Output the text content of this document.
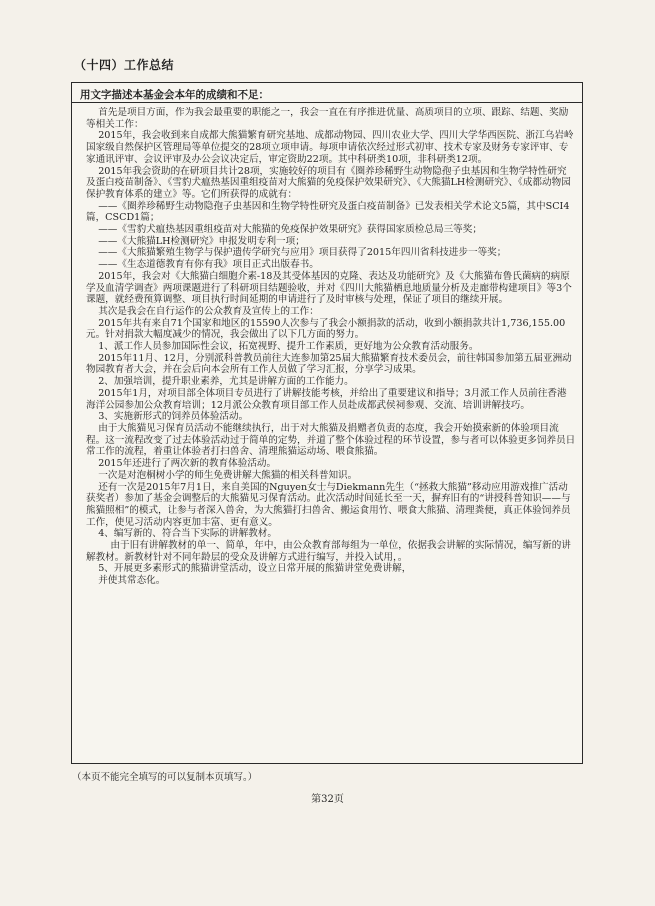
（十四）工作总结
用文字描述本基金会本年的成绩和不足：
首先是项目方面，作为我会最重要的职能之一，我会一直在有序推进优量、高质项目的立项、跟踪、结题、奖励等相关工作：
2015年，我会收到来自成都大熊猫繁育研究基地、成都动物园、四川农业大学、四川大学华西医院、浙江乌岩岭国家级自然保护区管理局等单位提交的28项立项申请。每项申请依次经过形式初审、技术专家及财务专家评审、专家通讯评审、会议评审及办公会议决定后，审定资助22项。其中科研类10项，非科研类12项。
2015年我会资助的在研项目共计28项，实施较好的项目有《圈养珍稀野生动物隐孢子虫基因和生物学特性研究及蛋白疫苗制备》、《雪豹犬瘟热基因重组疫苗对大熊猫的免疫保护效果研究》、《大熊猫LH检测研究》、《成都动物园保护教育体系的建立》等。它们所获得的成就有：
——《圈养珍稀野生动物隐孢子虫基因和生物学特性研究及蛋白疫苗制备》已发表相关学术论文5篇，其中SCI4篇，CSCD1篇；
——《雪豹犬瘟热基因重组疫苗对大熊猫的免疫保护效果研究》获得国家质检总局三等奖；
——《大熊猫LH检测研究》申报发明专利一项；
——《大熊猫繁殖生物学与保护遗传学研究与应用》项目获得了2015年四川省科技进步一等奖；
——《生态道德教育有你有我》项目正式出版春书。
2015年，我会对《大熊猫白细胞介素-18及其受体基因的克隆、表达及功能研究》及《大熊猫布鲁氏菌病的病原学及血清学调查》两项课题进行了科研项目结题验收，并对《四川大熊猫栖息地质量分析及走廊带构建项目》等3个课题，就经费预算调整、项目执行时间延期的申请进行了及时审核与处理，保证了项目的继续开展。
其次是我会在自行运作的公众教育及宣传上的工作：
2015年共有来自71个国家和地区的15590人次参与了我会小额捐款的活动，收到小额捐款共计1,736,155.00元。针对捐款大幅度减少的情况，我会做出了以下几方面的努力。
1、派工作人员参加国际性会议，拓宽视野、提升工作素质，更好地为公众教育活动服务。
2015年11月、12月，分别派科普教员前往大连参加第25届大熊猫繁育技术委员会，前往韩国参加第五届亚洲动物园教育者大会，并在会后向本会所有工作人员做了学习汇报，分享学习成果。
2、加强培训，提升职业素养，尤其是讲解方面的工作能力。
2015年1月，对项目部全体项目专员进行了讲解技能考核，并给出了重要建议和指导；3月派工作人员前往香港海洋公园参加公众教育培训；12月派公众教育项目部工作人员赴成都武侯祠参观、交流、培训讲解技巧。
3、实施新形式的饲养员体验活动。
由于大熊猫见习保育员活动不能继续执行，出于对大熊猫及捐赠者负责的态度，我会开始摸索新的体验项目流程。这一流程改变了过去体验活动过于简单的定势，并道了整个体验过程的环节设置，参与者可以体验更多饲养员日常工作的流程，着重让体验者打扫兽舍、清理熊猫运动场、喂食熊猫。
2015年还进行了两次新的教育体验活动。
一次是对泡桐树小学的师生免费讲解大熊猫的相关科普知识。
还有一次是2015年7月1日，来自美国的Nguyen女士与Diekmann先生（“拯救大熊猫”移动应用游戏推广活动获奖者）参加了基金会调整后的大熊猫见习保育活动。此次活动时间延长至一天，摒弃旧有的“讲授科普知识——与熊猫照相”的模式，让参与者深入兽舍，为大熊猫打扫兽舍、搬运食用竹、喂食大熊猫、清理粪便，真正体验饲养员工作，使见习活动内容更加丰富、更有意义。
4、编写新的、符合当下实际的讲解教材。
由于旧有讲解教材的单一、简单，年中，由公众教育部每组为一单位，依据我会讲解的实际情况，编写新的讲解教材。新教材针对不同年龄层的受众及讲解方式进行编写，并投入试用，。
5、开展更多素形式的熊猫讲堂活动，设立日常开展的熊猫讲堂免费讲解，
并使其常态化。
（本页不能完全填写的可以复制本页填写。）
第32页
